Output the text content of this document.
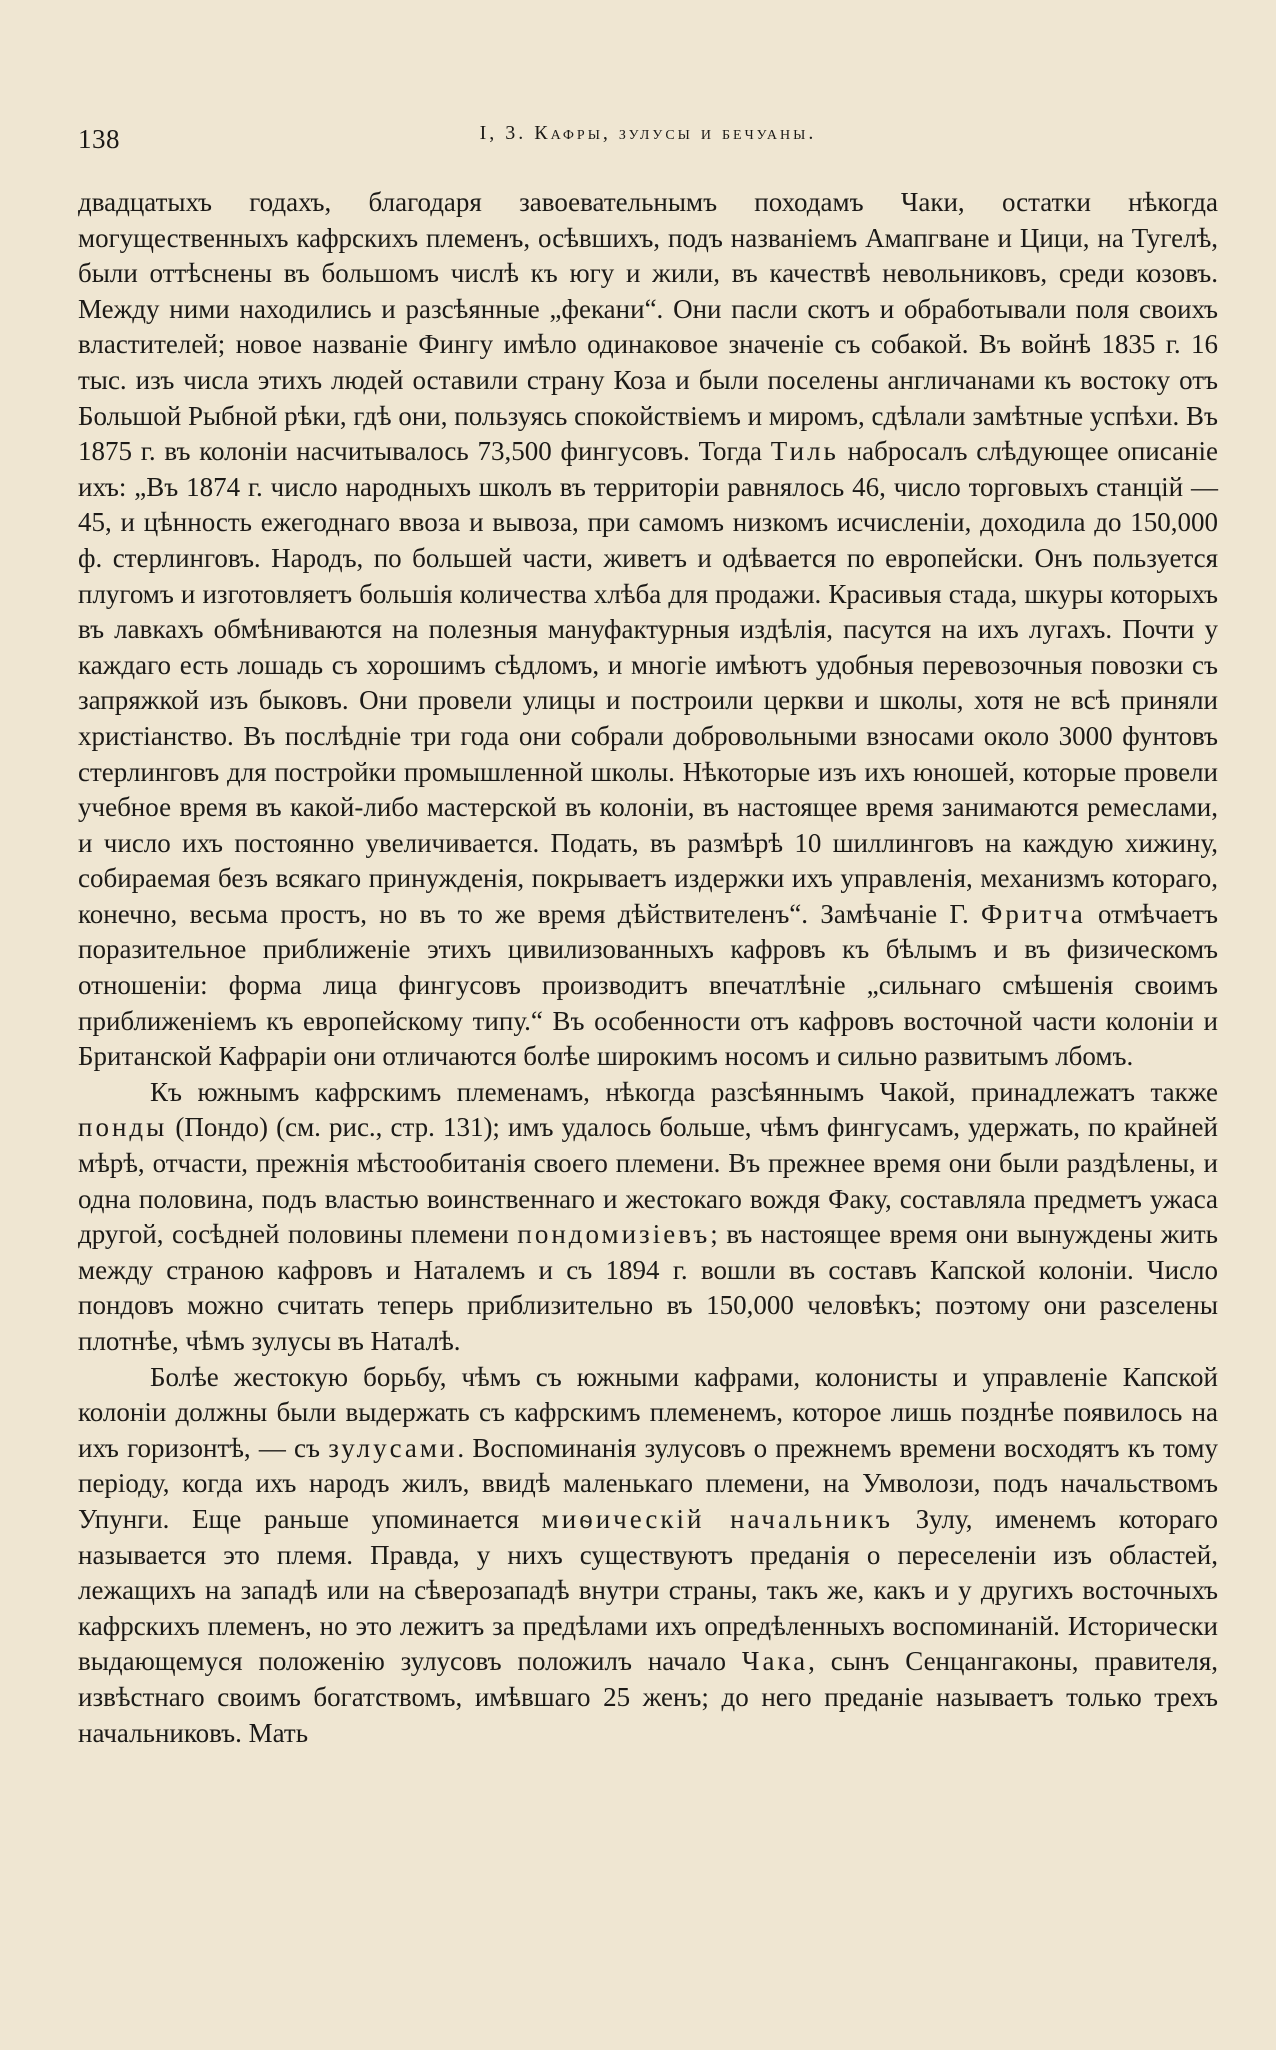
138	I, 3. Кафры, зулусы и бечуаны.

двадцатыхъ годахъ, благодаря завоевательнымъ походамъ Чаки, остатки нѣкогда могущественныхъ кафрскихъ племенъ, осѣвшихъ, подъ названіемъ Амапгване и Цици, на Тугелѣ, были оттѣснены въ большомъ числѣ къ югу и жили, въ качествѣ невольниковъ, среди козовъ. Между ними находились и разсѣянные „фекани“. Они пасли скотъ и обработывали поля своихъ властителей; новое названіе Фингу имѣло одинаковое значеніе съ собакой. Въ войнѣ 1835 г. 16 тыс. изъ числа этихъ людей оставили страну Коза и были поселены англичанами къ востоку отъ Большой Рыбной рѣки, гдѣ они, пользуясь спокойствіемъ и миромъ, сдѣлали замѣтные успѣхи. Въ 1875 г. въ колоніи насчитывалось 73,500 фингусовъ. Тогда Тиль набросалъ слѣдующее описаніе ихъ: „Въ 1874 г. число народныхъ школъ въ территоріи равнялось 46, число торговыхъ станцій — 45, и цѣнность ежегоднаго ввоза и вывоза, при самомъ низкомъ исчисленіи, доходила до 150,000 ф. стерлинговъ. Народъ, по большей части, живетъ и одѣвается по европейски. Онъ пользуется плугомъ и изготовляетъ большія количества хлѣба для продажи. Красивыя стада, шкуры которыхъ въ лавкахъ обмѣниваются на полезныя мануфактурныя издѣлія, пасутся на ихъ лугахъ. Почти у каждаго есть лошадь съ хорошимъ сѣдломъ, и многіе имѣютъ удобныя перевозочныя повозки съ запряжкой изъ быковъ. Они провели улицы и построили церкви и школы, хотя не всѣ приняли христіанство. Въ послѣдніе три года они собрали добровольными взносами около 3000 фунтовъ стерлинговъ для постройки промышленной школы. Нѣкоторые изъ ихъ юношей, которые провели учебное время въ какой-либо мастерской въ колоніи, въ настоящее время занимаются ремеслами, и число ихъ постоянно увеличивается. Подать, въ размѣрѣ 10 шиллинговъ на каждую хижину, собираемая безъ всякаго принужденія, покрываетъ издержки ихъ управленія, механизмъ котораго, конечно, весьма простъ, но въ то же время дѣйствителенъ“. Замѣчаніе Г. Фритча отмѣчаетъ поразительное приближеніе этихъ цивилизованныхъ кафровъ къ бѣлымъ и въ физическомъ отношеніи: форма лица фингусовъ производитъ впечатлѣніе „сильнаго смѣшенія своимъ приближеніемъ къ европейскому типу.“ Въ особенности отъ кафровъ восточной части колоніи и Британской Кафраріи они отличаются болѣе широкимъ носомъ и сильно развитымъ лбомъ.

Къ южнымъ кафрскимъ племенамъ, нѣкогда разсѣяннымъ Чакой, принадлежатъ также понды (Пондо) (см. рис., стр. 131); имъ удалось больше, чѣмъ фингусамъ, удержать, по крайней мѣрѣ, отчасти, прежнія мѣстообитанія своего племени. Въ прежнее время они были раздѣлены, и одна половина, подъ властью воинственнаго и жестокаго вождя Факу, составляла предметъ ужаса другой, сосѣдней половины племени пондомизіевъ; въ настоящее время они вынуждены жить между страною кафровъ и Наталемъ и съ 1894 г. вошли въ составъ Капской колоніи. Число пондовъ можно считать теперь приблизительно въ 150,000 человѣкъ; поэтому они разселены плотнѣе, чѣмъ зулусы въ Наталѣ.

Болѣе жестокую борьбу, чѣмъ съ южными кафрами, колонисты и управленіе Капской колоніи должны были выдержать съ кафрскимъ племенемъ, которое лишь позднѣе появилось на ихъ горизонтѣ, — съ зулусами. Воспоминанія зулусовъ о прежнемъ времени восходятъ къ тому періоду, когда ихъ народъ жилъ, ввидѣ маленькаго племени, на Умволози, подъ начальствомъ Упунги. Еще раньше упоминается миѳическій начальникъ Зулу, именемъ котораго называется это племя. Правда, у нихъ существуютъ преданія о переселеніи изъ областей, лежащихъ на западѣ или на сѣверозападѣ внутри страны, такъ же, какъ и у другихъ восточныхъ кафрскихъ племенъ, но это лежитъ за предѣлами ихъ опредѣленныхъ воспоминаній. Исторически выдающемуся положенію зулусовъ положилъ начало Чака, сынъ Сенцангаконы, правителя, извѣстнаго своимъ богатствомъ, имѣвшаго 25 женъ; до него преданіе называетъ только трехъ начальниковъ. Мать
